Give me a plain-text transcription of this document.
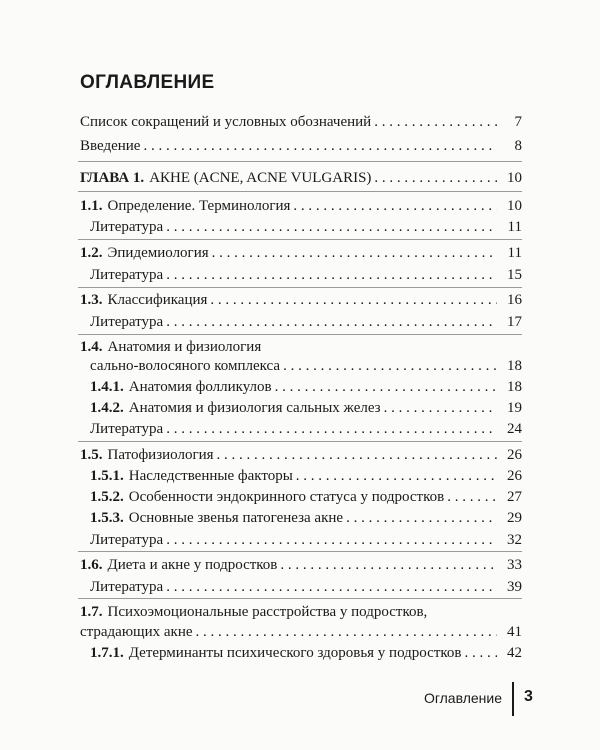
ОГЛАВЛЕНИЕ
Список сокращений и условных обозначений . . .	7
Введение . . .	8
ГЛАВА 1. АКНЕ (ACNE, ACNE VULGARIS) . . .	10
1.1. Определение. Терминология . . .	10
Литература . . .	11
1.2. Эпидемиология . . .	11
Литература . . .	15
1.3. Классификация . . .	16
Литература . . .	17
1.4. Анатомия и физиология
сально-волосяного комплекса . . .	18
1.4.1. Анатомия фолликулов . . .	18
1.4.2. Анатомия и физиология сальных желез . . .	19
Литература . . .	24
1.5. Патофизиология . . .	26
1.5.1. Наследственные факторы . . .	26
1.5.2. Особенности эндокринного статуса у подростков . . .	27
1.5.3. Основные звенья патогенеза акне . . .	29
Литература . . .	32
1.6. Диета и акне у подростков . . .	33
Литература . . .	39
1.7. Психоэмоциональные расстройства у подростков,
страдающих акне . . .	41
1.7.1. Детерминанты психического здоровья у подростков . . .	42
Оглавление 3
